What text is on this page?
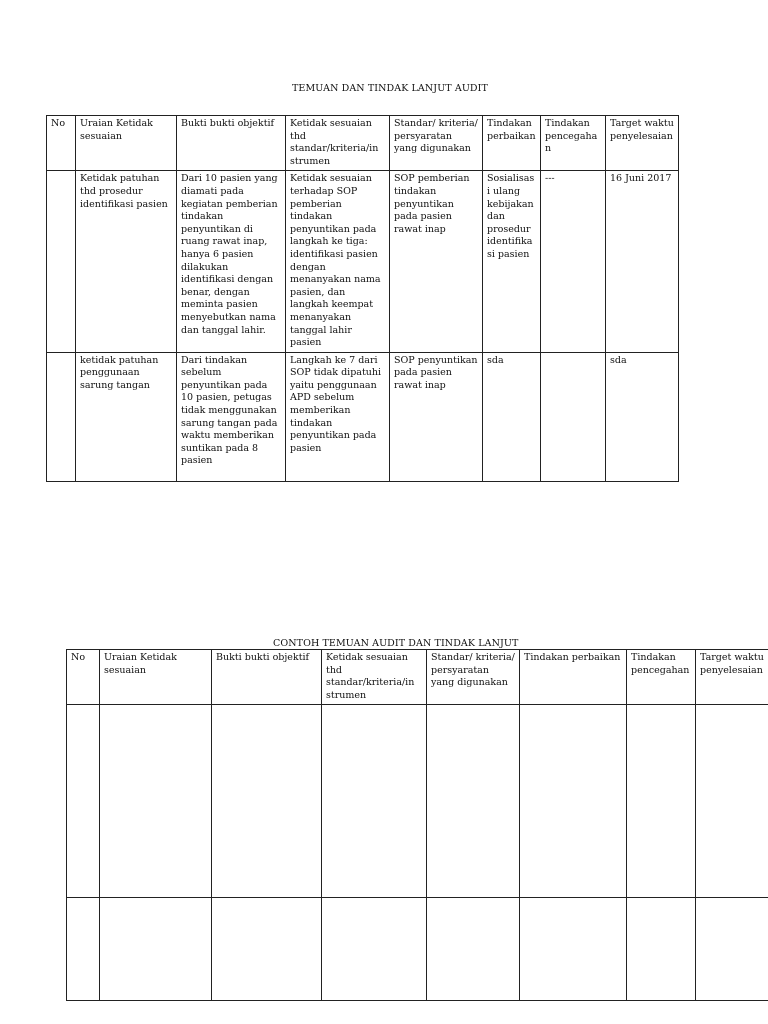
TEMUAN DAN TINDAK LANJUT AUDIT
No	Uraian Ketidak sesuaian	Bukti bukti objektif	Ketidak sesuaian thd standar/kriteria/in strumen	Standar/ kriteria/ persyaratan yang digunakan	Tindakan perbaikan	Tindakan pencegaha n	Target waktu penyelesaian
	Ketidak patuhan thd prosedur identifikasi pasien	Dari 10 pasien yang diamati pada kegiatan pemberian tindakan penyuntikan di ruang rawat inap, hanya 6 pasien dilakukan identifikasi dengan benar, dengan meminta pasien menyebutkan nama dan tanggal lahir.	Ketidak sesuaian terhadap SOP pemberian tindakan penyuntikan pada langkah ke tiga: identifikasi pasien dengan menanyakan nama pasien, dan langkah keempat menanyakan tanggal lahir pasien	SOP pemberian tindakan penyuntikan pada pasien rawat inap	Sosialisas i ulang kebijakan dan prosedur identifika si pasien	---	16 Juni 2017
	ketidak patuhan penggunaan sarung tangan	Dari tindakan sebelum penyuntikan pada 10 pasien, petugas tidak menggunakan sarung tangan pada waktu memberikan suntikan pada 8 pasien	Langkah ke 7 dari SOP tidak dipatuhi yaitu penggunaan APD sebelum memberikan tindakan penyuntikan pada pasien	SOP penyuntikan pada pasien rawat inap	sda		sda
CONTOH TEMUAN AUDIT DAN TINDAK LANJUT
No	Uraian Ketidak sesuaian	Bukti bukti objektif	Ketidak sesuaian thd standar/kriteria/in strumen	Standar/ kriteria/ persyaratan yang digunakan	Tindakan perbaikan	Tindakan pencegahan	Target waktu penyelesaian
